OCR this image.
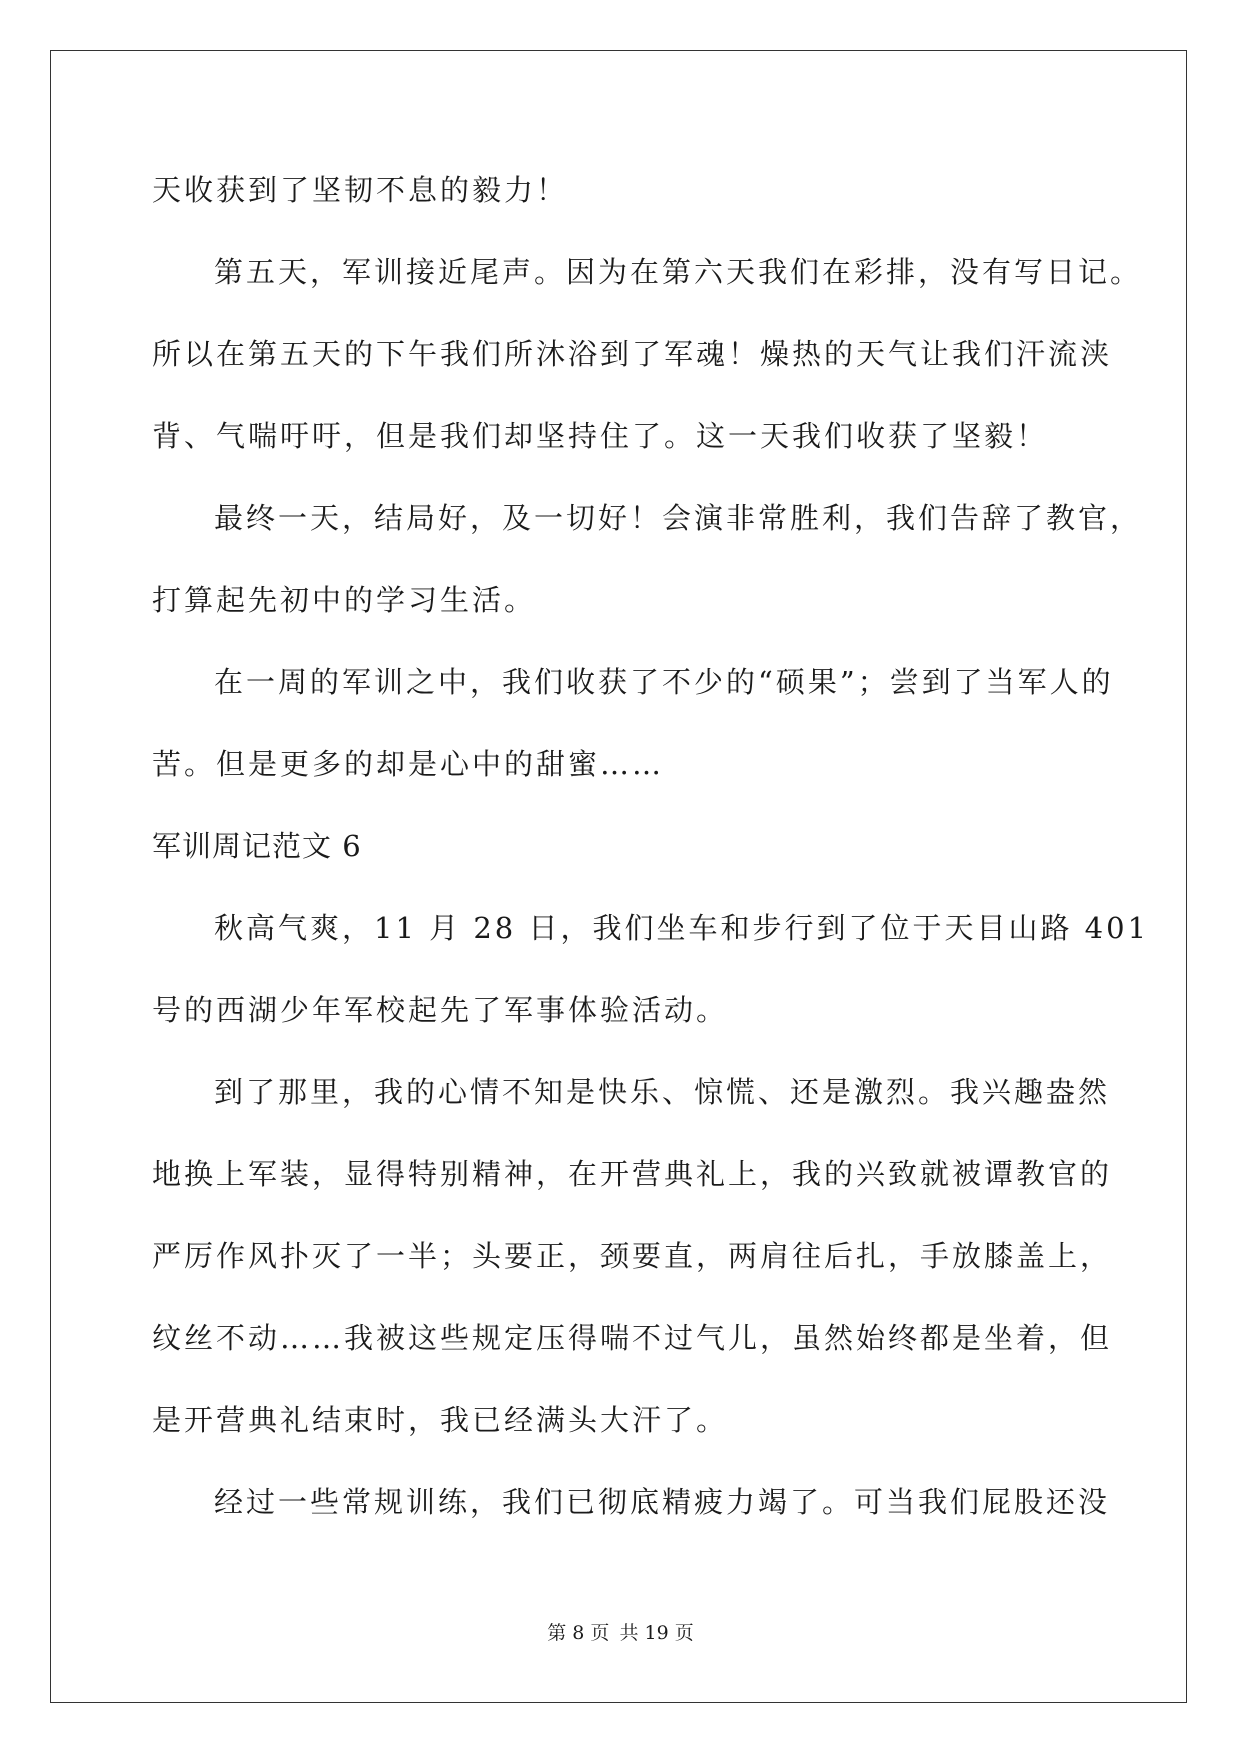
天收获到了坚韧不息的毅力！
第五天，军训接近尾声。因为在第六天我们在彩排，没有写日记。
所以在第五天的下午我们所沐浴到了军魂！燥热的天气让我们汗流浃
背、气喘吁吁，但是我们却坚持住了。这一天我们收获了坚毅！
最终一天，结局好，及一切好！会演非常胜利，我们告辞了教官，
打算起先初中的学习生活。
在一周的军训之中，我们收获了不少的“硕果”；尝到了当军人的
苦。但是更多的却是心中的甜蜜……
军训周记范文 6
秋高气爽，11 月 28 日，我们坐车和步行到了位于天目山路 401
号的西湖少年军校起先了军事体验活动。
到了那里，我的心情不知是快乐、惊慌、还是激烈。我兴趣盎然
地换上军装，显得特别精神，在开营典礼上，我的兴致就被谭教官的
严厉作风扑灭了一半；头要正，颈要直，两肩往后扎，手放膝盖上，
纹丝不动……我被这些规定压得喘不过气儿，虽然始终都是坐着，但
是开营典礼结束时，我已经满头大汗了。
经过一些常规训练，我们已彻底精疲力竭了。可当我们屁股还没
第 8 页 共 19 页
